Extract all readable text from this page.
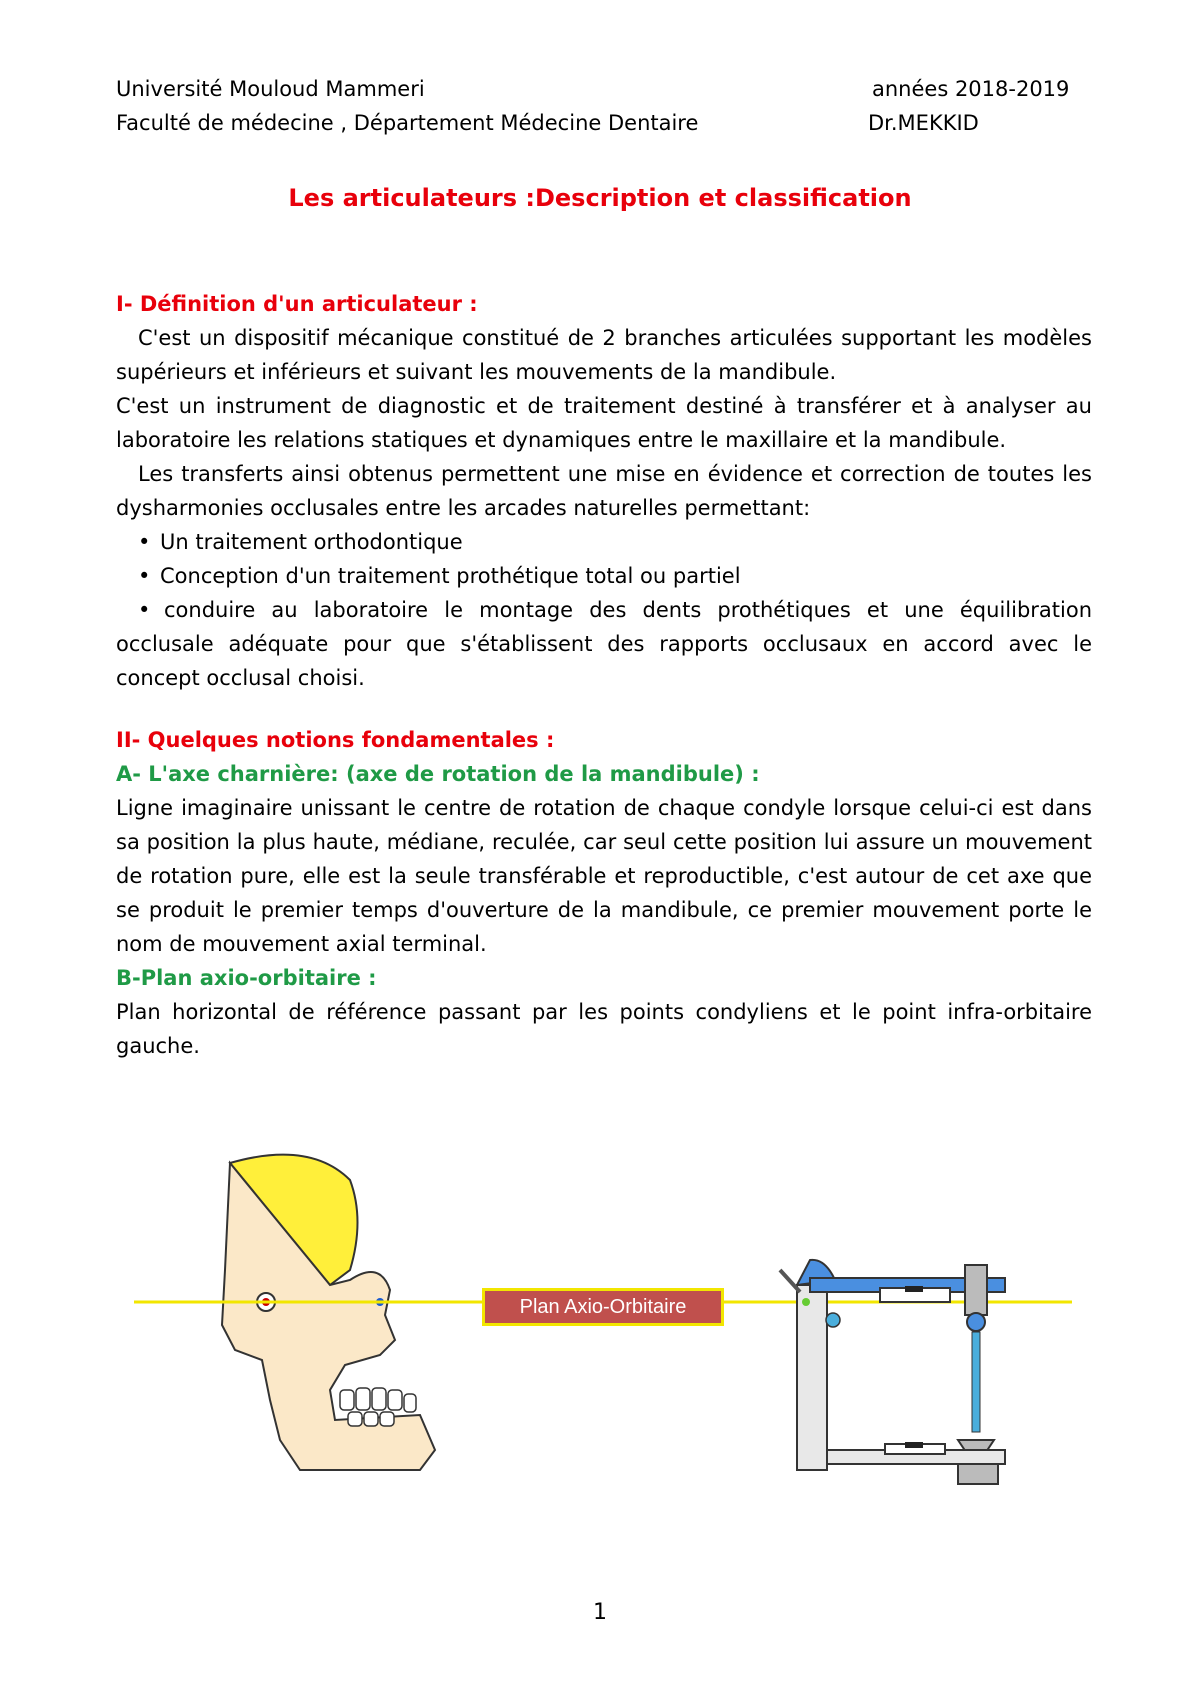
Université Mouloud Mammeri	années 2018-2019
Faculté de médecine , Département Médecine Dentaire	Dr.MEKKID
Les articulateurs :Description et classification

I- Définition d'un articulateur :

C'est un dispositif mécanique constitué de 2 branches articulées supportant les modèles supérieurs et inférieurs et suivant les mouvements de la mandibule.

C'est un instrument de diagnostic et de traitement destiné à transférer et à analyser au laboratoire les relations statiques et dynamiques entre le maxillaire et la mandibule.

Les transferts ainsi obtenus permettent une mise en évidence et correction de toutes les dysharmonies occlusales entre les arcades naturelles permettant:

• Un traitement orthodontique

• Conception d'un traitement prothétique total ou partiel

• conduire au laboratoire le montage des dents prothétiques et une équilibration occlusale adéquate pour que s'établissent des rapports occlusaux en accord avec le concept occlusal choisi.

II- Quelques notions fondamentales :

A- L'axe charnière: (axe de rotation de la mandibule) :

Ligne imaginaire unissant le centre de rotation de chaque condyle lorsque celui-ci est dans sa position la plus haute, médiane, reculée, car seul cette position lui assure un mouvement de rotation pure, elle est la seule transférable et reproductible, c'est autour de cet axe que se produit le premier temps d'ouverture de la mandibule, ce premier mouvement porte le nom de mouvement axial terminal.

B-Plan axio-orbitaire :

Plan horizontal de référence passant par les points condyliens et le point infra-orbitaire gauche.

Plan Axio-Orbitaire
1
